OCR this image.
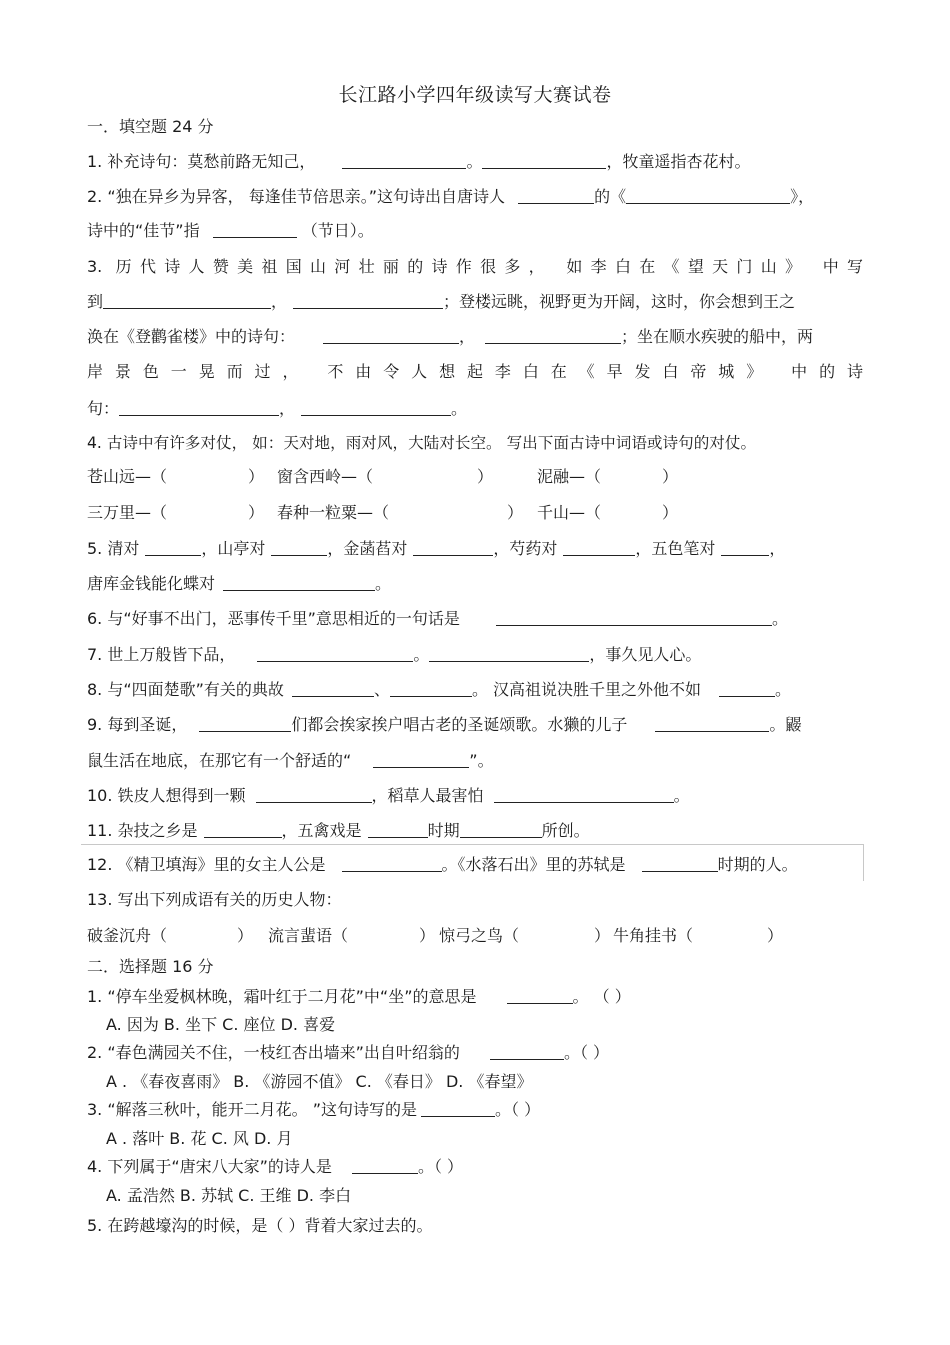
长江路小学四年级读写大赛试卷
一．填空题 24 分
1. 补充诗句：莫愁前路无知己，	。	，牧童遥指杏花村。
2. “独在异乡为异客， 每逢佳节倍思亲。”这句诗出自唐诗人	的《	》，
诗中的“佳节”指	（节日）。
3. 历代诗人赞美祖国山河壮丽的诗作很多， 如李白在《望天门山》 中写
到	，	；登楼远眺，视野更为开阔，这时，你会想到王之
涣在《登鹳雀楼》中的诗句：	，	；坐在顺水疾驶的船中，两
岸景色一晃而过， 不由令人想起李白在《早发白帝城》 中的诗
句：	，	。
4. 古诗中有许多对仗， 如：天对地，雨对风，大陆对长空。 写出下面古诗中词语或诗句的对仗。
苍山远—（	） 窗含西岭—（	）	泥融—（	）
三万里—（	） 春种一粒粟—（	） 千山—（	）
5. 清对	，山亭对	，金菡萏对	，芍药对	，五色笔对	，
唐库金钱能化蝶对	。
6. 与“好事不出门，恶事传千里”意思相近的一句话是	。
7. 世上万般皆下品，	。	，事久见人心。
8. 与“四面楚歌”有关的典故	、	。 汉高祖说决胜千里之外他不如	。
9. 每到圣诞，	们都会挨家挨户唱古老的圣诞颂歌。水獭的儿子	。鼹
鼠生活在地底，在那它有一个舒适的“	”。
10. 铁皮人想得到一颗	，稻草人最害怕	。
11. 杂技之乡是	，五禽戏是	时期	所创。
12. 《精卫填海》里的女主人公是	。《水落石出》里的苏轼是	时期的人。
13. 写出下列成语有关的历史人物：
破釜沉舟（	） 流言蜚语（	） 惊弓之鸟（	） 牛角挂书（	）
二．选择题 16 分
1. “停车坐爱枫林晚，霜叶红于二月花”中“坐”的意思是	。 （ ）
A. 因为 B. 坐下 C. 座位 D. 喜爱
2. “春色满园关不住，一枝红杏出墙来”出自叶绍翁的	。（ ）
A . 《春夜喜雨》 B. 《游园不值》 C. 《春日》 D. 《春望》
3. “解落三秋叶，能开二月花。 ”这句诗写的是	。（ ）
A . 落叶 B. 花 C. 风 D. 月
4. 下列属于“唐宋八大家”的诗人是	。（ ）
A. 孟浩然 B. 苏轼 C. 王维 D. 李白
5. 在跨越壕沟的时候，是（ ）背着大家过去的。
